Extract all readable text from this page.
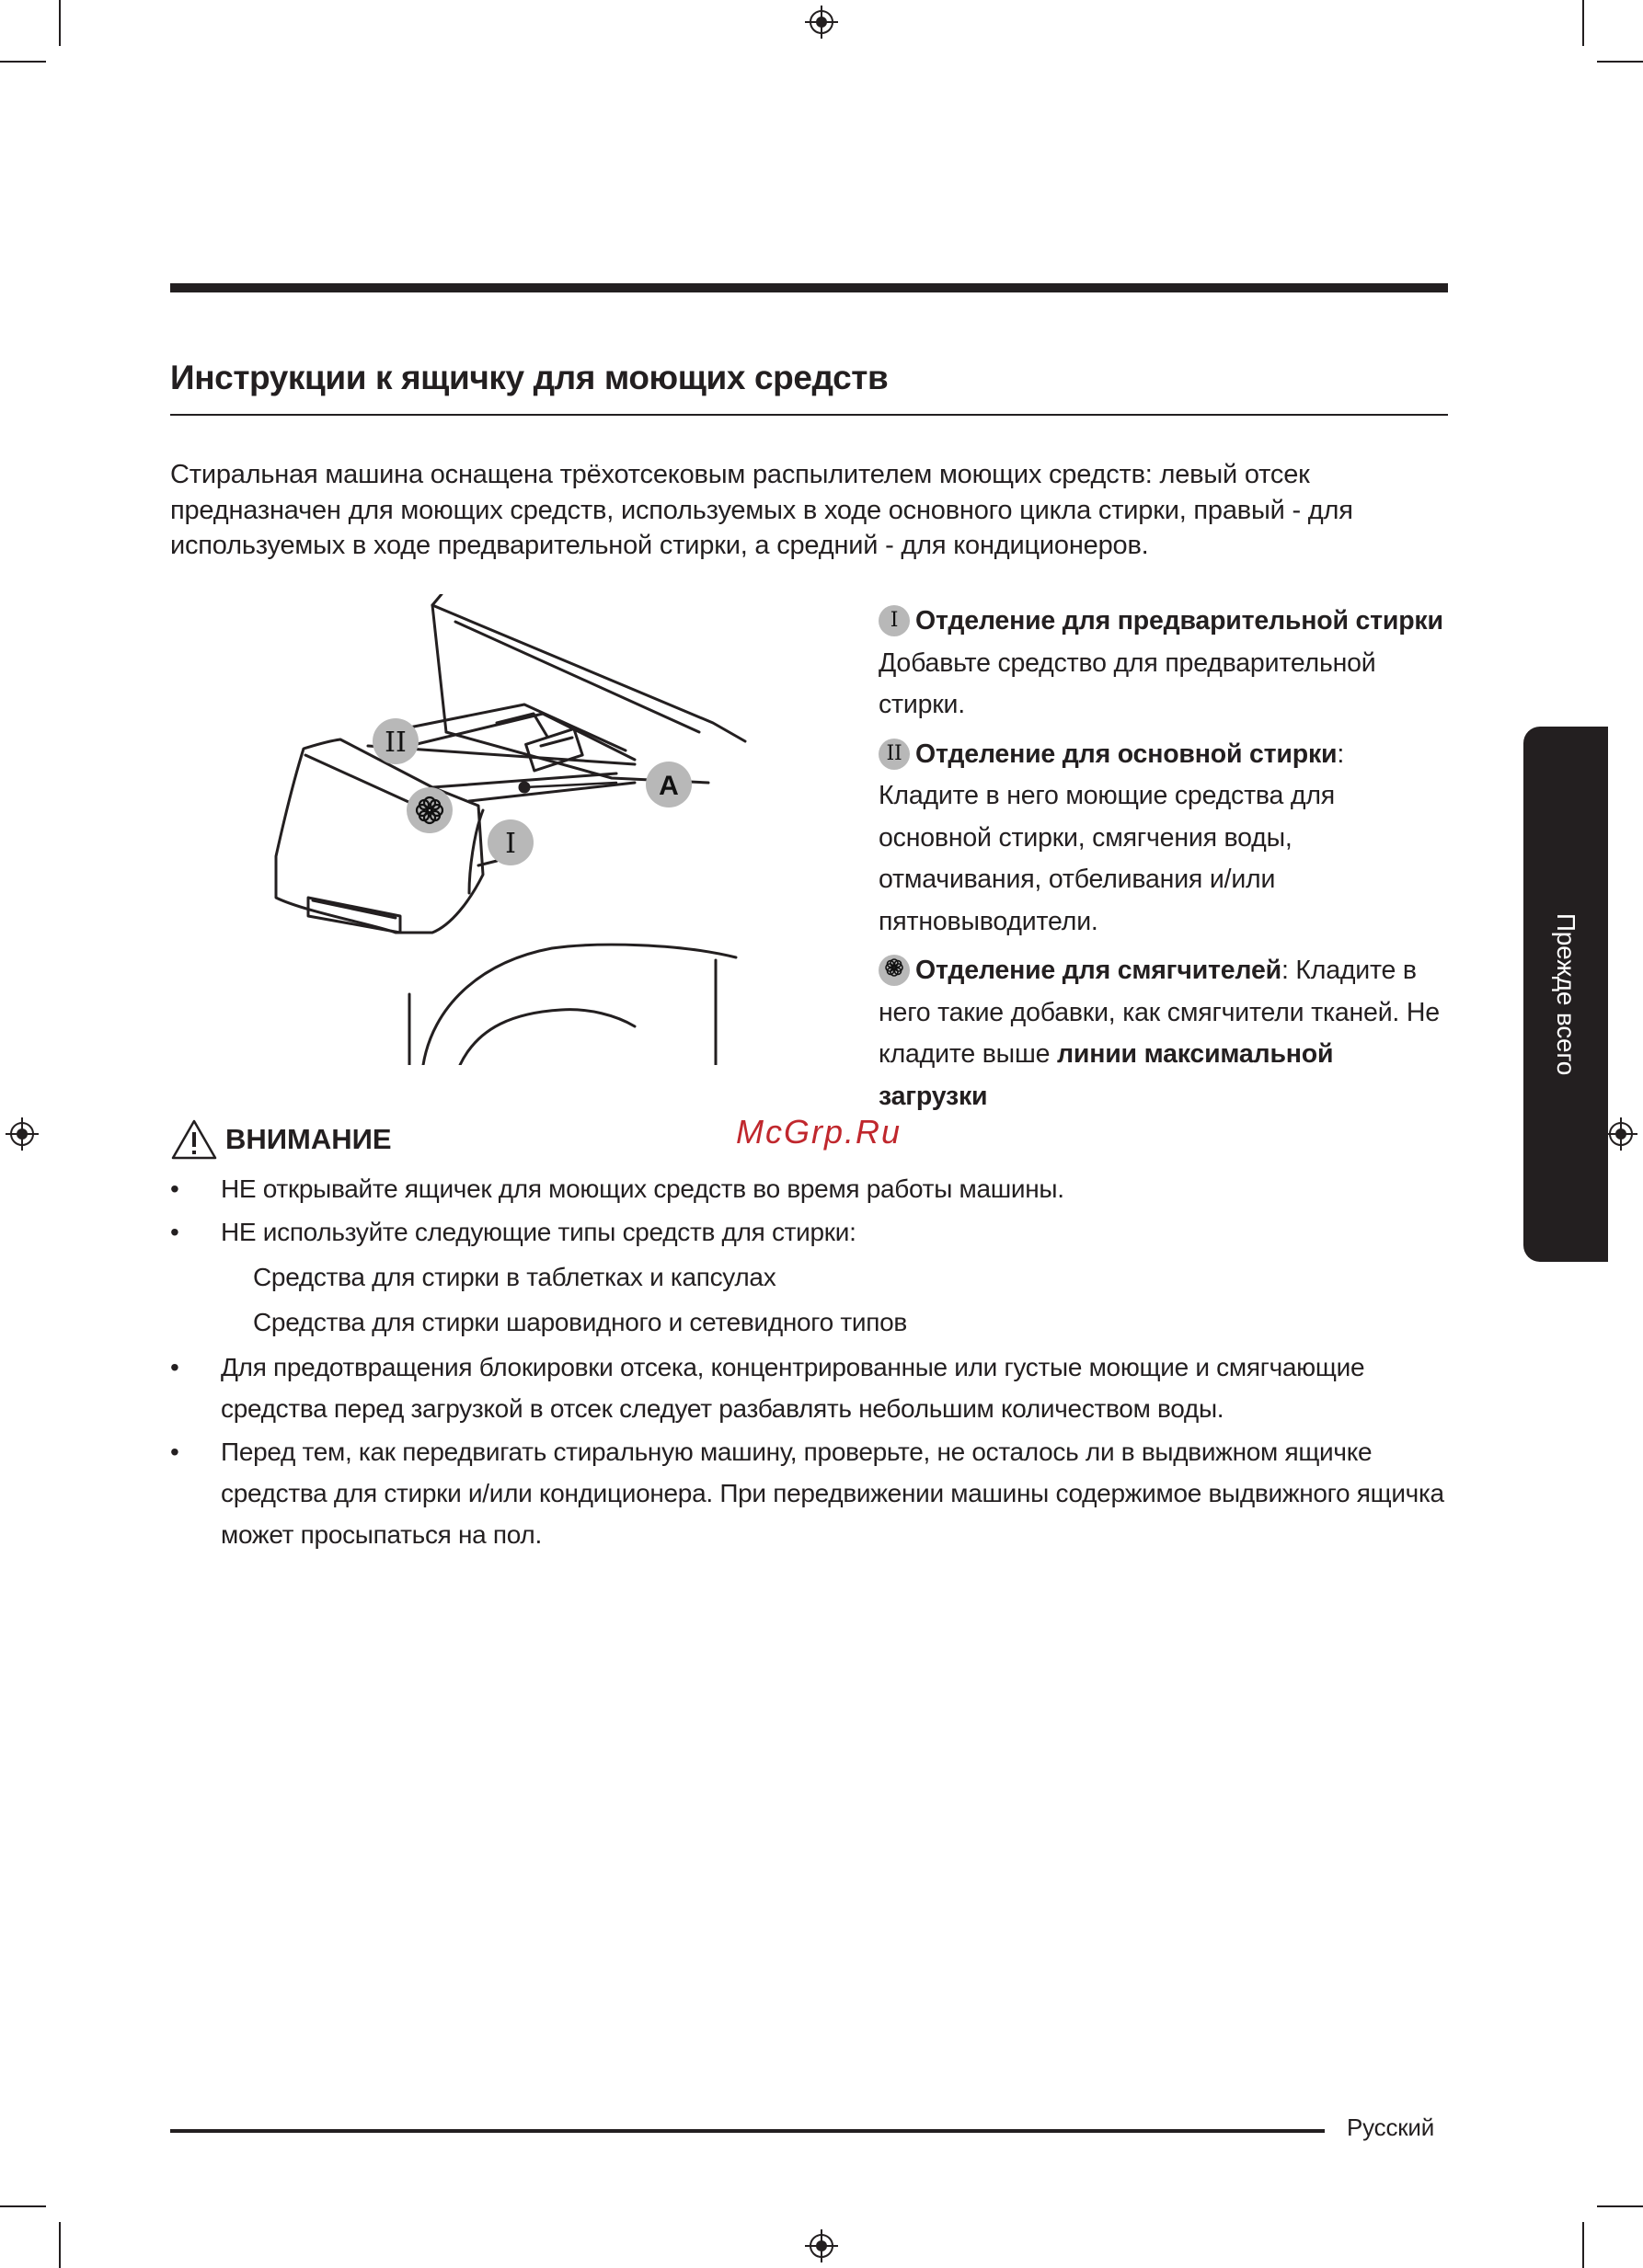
Инструкции к ящичку для моющих средств
Стиральная машина оснащена трёхотсековым распылителем моющих средств: левый отсек предназначен для моющих средств, используемых в ходе основного цикла стирки, правый - для используемых в ходе предварительной стирки, а средний - для кондиционеров.
II
I
A

I Отделение для предварительной стирки
Добавьте средство для предварительной стирки.

II Отделение для основной стирки: Кладите в него моющие средства для основной стирки, смягчения воды, отмачивания, отбеливания и/или пятновыводители.

Отделение для смягчителей: Кладите в него такие добавки, как смягчители тканей. Не кладите выше линии максимальной загрузки

Прежде всего
ВНИМАНИЕ	McGrp.Ru
• НЕ открывайте ящичек для моющих средств во время работы машины.
• НЕ используйте следующие типы средств для стирки:
Средства для стирки в таблетках и капсулах
Средства для стирки шаровидного и сетевидного типов
• Для предотвращения блокировки отсека, концентрированные или густые моющие и смягчающие средства перед загрузкой в отсек следует разбавлять небольшим количеством воды.
• Перед тем, как передвигать стиральную машину, проверьте, не осталось ли в выдвижном ящичке средства для стирки и/или кондиционера. При передвижении машины содержимое выдвижного ящичка может просыпаться на пол.
Русский
